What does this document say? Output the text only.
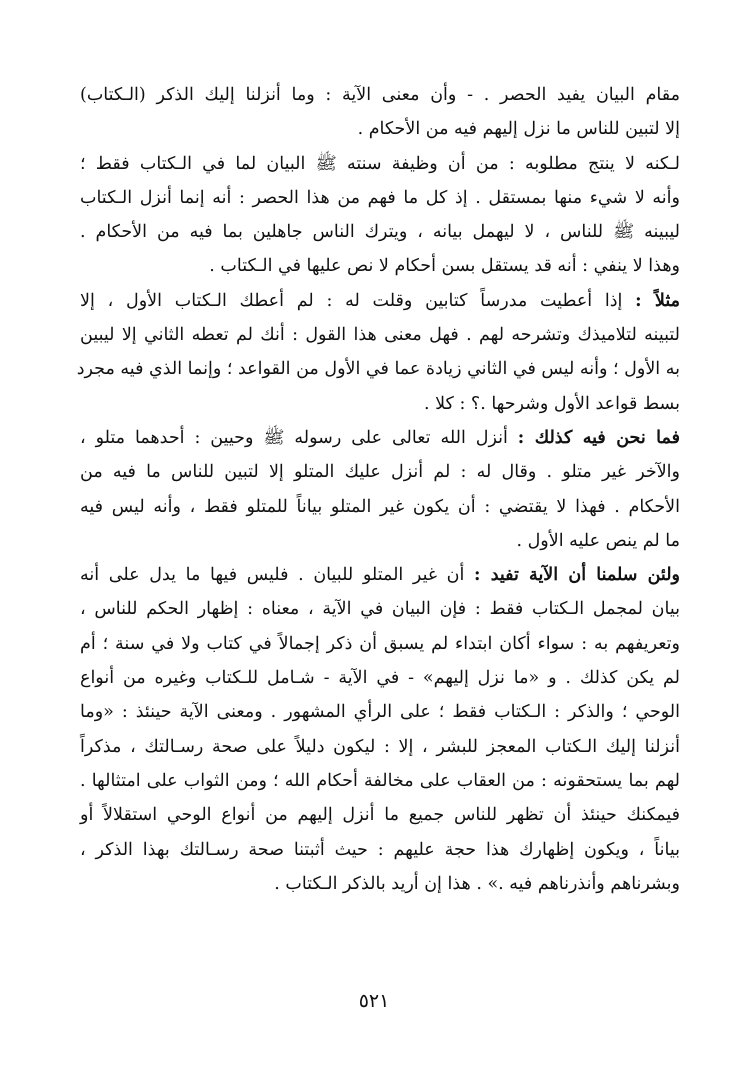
مقام البيان يفيد الحصر . - وأن معنى الآية : وما أنزلنا إليك الذكر (الـكتاب)
إلا لتبين للناس ما نزل إليهم فيه من الأحكام .
لـكنه لا ينتج مطلوبه : من أن وظيفة سنته ﷺ البيان لما في الـكتاب فقط ؛
وأنه لا شيء منها بمستقل . إذ كل ما فهم من هذا الحصر : أنه إنما أنزل الـكتاب
ليبينه ﷺ للناس ، لا ليهمل بيانه ، ويترك الناس جاهلين بما فيه من الأحكام .
وهذا لا ينفي : أنه قد يستقل بسن أحكام لا نص عليها في الـكتاب .
مثلاً : إذا أعطيت مدرساً كتابين وقلت له : لم أعطك الـكتاب الأول ، إلا
لتبينه لتلاميذك وتشرحه لهم . فهل معنى هذا القول : أنك لم تعطه الثاني إلا ليبين
به الأول ؛ وأنه ليس في الثاني زيادة عما في الأول من القواعد ؛ وإنما الذي فيه مجرد
بسط قواعد الأول وشرحها .؟ : كلا .
فما نحن فيه كذلك : أنزل الله تعالى على رسوله ﷺ وحيين : أحدهما متلو ،
والآخر غير متلو . وقال له : لم أنزل عليك المتلو إلا لتبين للناس ما فيه من
الأحكام . فهذا لا يقتضي : أن يكون غير المتلو بياناً للمتلو فقط ، وأنه ليس فيه
ما لم ينص عليه الأول .
ولئن سلمنا أن الآية تفيد : أن غير المتلو للبيان . فليس فيها ما يدل على أنه
بيان لمجمل الـكتاب فقط : فإن البيان في الآية ، معناه : إظهار الحكم للناس ،
وتعريفهم به : سواء أكان ابتداء لم يسبق أن ذكر إجمالاً في كتاب ولا في سنة ؛ أم
لم يكن كذلك . و «ما نزل إليهم» - في الآية - شـامل للـكتاب وغيره من أنواع
الوحي ؛ والذكر : الـكتاب فقط ؛ على الرأي المشهور . ومعنى الآية حينئذ : «وما
أنزلنا إليك الـكتاب المعجز للبشر ، إلا : ليكون دليلاً على صحة رسـالتك ، مذكراً
لهم بما يستحقونه : من العقاب على مخالفة أحكام الله ؛ ومن الثواب على امتثالها .
فيمكنك حينئذ أن تظهر للناس جميع ما أنزل إليهم من أنواع الوحي استقلالاً أو
بياناً ، ويكون إظهارك هذا حجة عليهم : حيث أثبتنا صحة رسـالتك بهذا الذكر ،
وبشرناهم وأنذرناهم فيه .» . هذا إن أريد بالذكر الـكتاب .
٥٢١
